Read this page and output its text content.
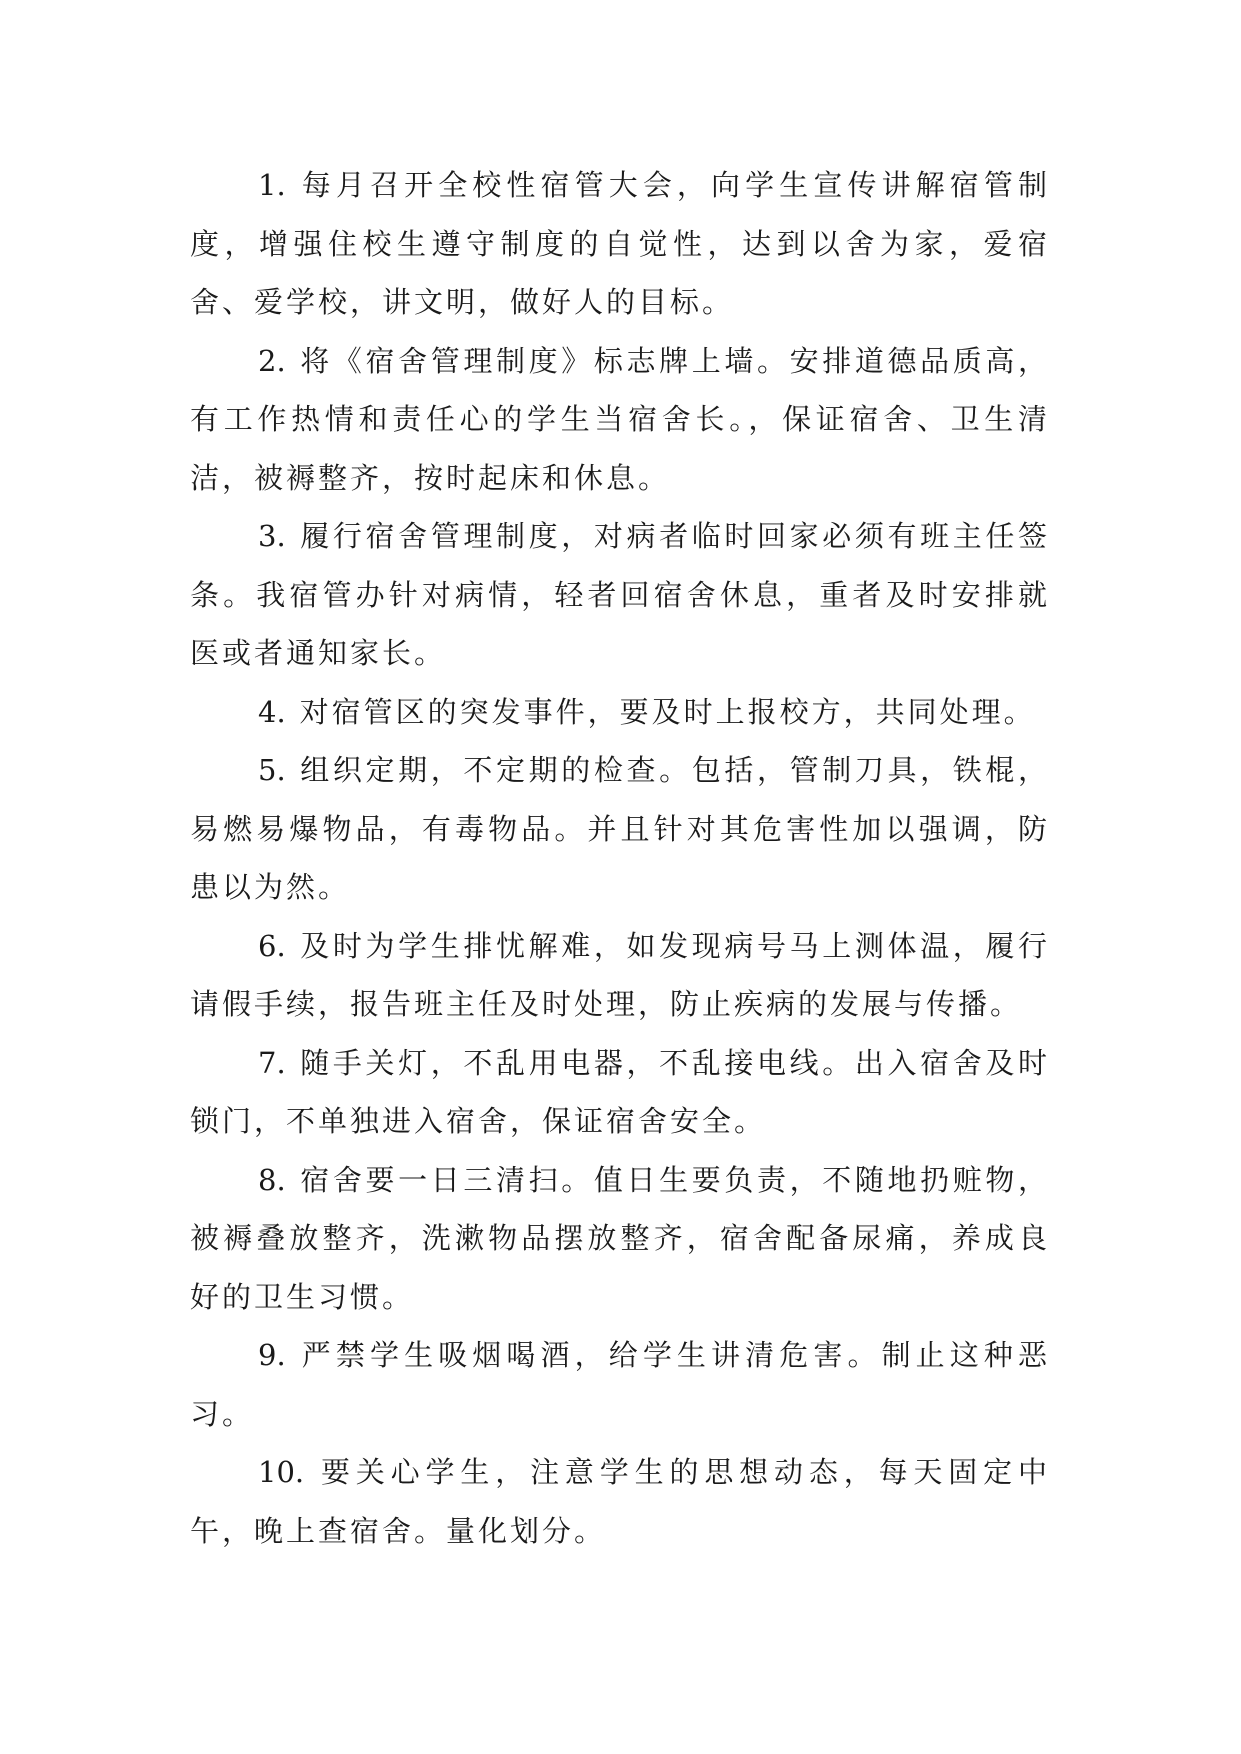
1. 每月召开全校性宿管大会，向学生宣传讲解宿管制度，增强住校生遵守制度的自觉性，达到以舍为家，爱宿舍、爱学校，讲文明，做好人的目标。

2. 将《宿舍管理制度》标志牌上墙。安排道德品质高，有工作热情和责任心的学生当宿舍长。，保证宿舍、卫生清洁，被褥整齐，按时起床和休息。

3. 履行宿舍管理制度，对病者临时回家必须有班主任签条。我宿管办针对病情，轻者回宿舍休息，重者及时安排就医或者通知家长。

4. 对宿管区的突发事件，要及时上报校方，共同处理。

5. 组织定期，不定期的检查。包括，管制刀具，铁棍，易燃易爆物品，有毒物品。并且针对其危害性加以强调，防患以为然。

6. 及时为学生排忧解难，如发现病号马上测体温，履行请假手续，报告班主任及时处理，防止疾病的发展与传播。

7. 随手关灯，不乱用电器，不乱接电线。出入宿舍及时锁门，不单独进入宿舍，保证宿舍安全。

8. 宿舍要一日三清扫。值日生要负责，不随地扔赃物，被褥叠放整齐，洗漱物品摆放整齐，宿舍配备尿痛，养成良好的卫生习惯。

9. 严禁学生吸烟喝酒，给学生讲清危害。制止这种恶习。

10. 要关心学生，注意学生的思想动态，每天固定中午，晚上查宿舍。量化划分。
